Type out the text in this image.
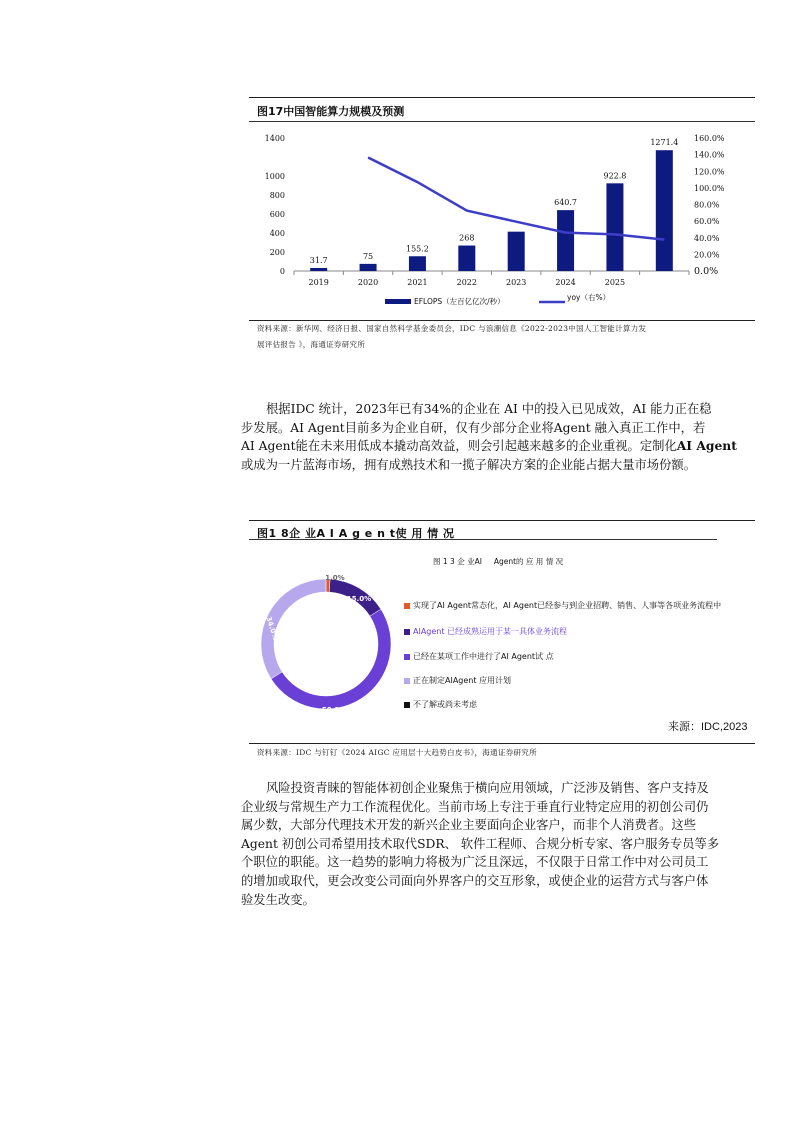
图17中国智能算力规模及预测
0
200
400
600
800
1000
1400
0.0%
20.0%
40.0%
60.0%
80.0%
100.0%
120.0%
140.0%
160.0%
31.7	75
155.2
268
640.7
922.8
1271.4
2019	2020	2021	2022	2023	2024	2025
EFLOPS（左百亿亿次/秒）	yoy（右%）
资料来源：新华网、经济日报、国家自然科学基金委员会，IDC 与浪潮信息《2022-2023中国人工智能计算力发
展评估报告 》，海通证券研究所
根据IDC 统计，2023年已有34%的企业在 AI 中的投入已见成效，AI 能力正在稳
步发展。AI Agent目前多为企业自研，仅有少部分企业将Agent 融入真正工作中，若
AI Agent能在未来用低成本撬动高效益，则会引起越来越多的企业重视。定制化AI Agent
或成为一片蓝海市场，拥有成熟技术和一揽子解决方案的企业能占据大量市场份额。
图1 8企 业A I A g e n t使 用 情 况
图 1 3 企 业AI     Agent的 应 用 情 况
1.0%
15.0%
50.0%
34.0%
实现了AI Agent常态化，AI Agent已经参与到企业招聘、销售、人事等各项业务流程中
AIAgent 已经成熟运用于某一具体业务流程
已经在某项工作中进行了AI Agent试 点
正在制定AIAgent 应用计划
不了解或尚未考虑
来源：IDC,2023
资料来源：IDC 与钉钉《2024 AIGC 应用层十大趋势白皮书》，海通证券研究所
风险投资青睐的智能体初创企业聚焦于横向应用领域，广泛涉及销售、客户支持及
企业级与常规生产力工作流程优化。当前市场上专注于垂直行业特定应用的初创公司仍
属少数，大部分代理技术开发的新兴企业主要面向企业客户，而非个人消费者。这些
Agent 初创公司希望用技术取代SDR、 软件工程师、合规分析专家、客户服务专员等多
个职位的职能。这一趋势的影响力将极为广泛且深远，不仅限于日常工作中对公司员工
的增加或取代，更会改变公司面向外界客户的交互形象，或使企业的运营方式与客户体
验发生改变。
